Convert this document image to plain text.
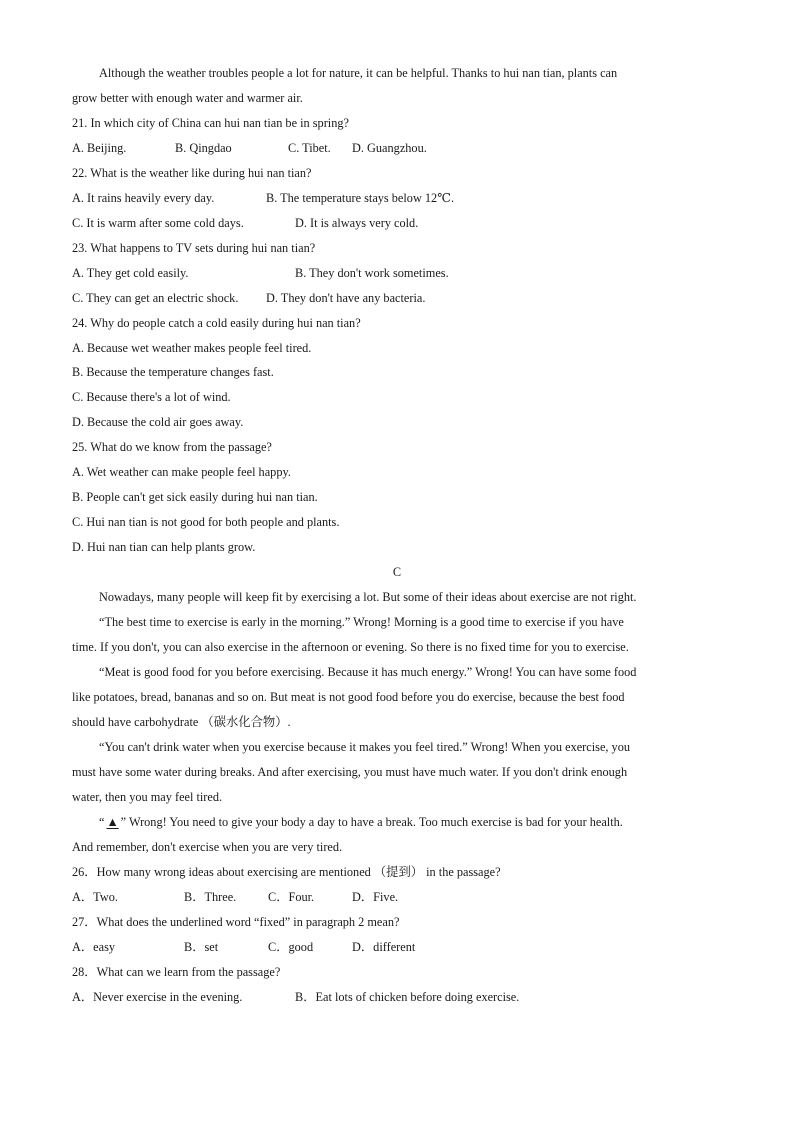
Although the weather troubles people a lot for nature, it can be helpful. Thanks to hui nan tian, plants can
grow better with enough water and warmer air.
21. In which city of China can hui nan tian be in spring?
A. Beijing.	B. Qingdao	C. Tibet. D. Guangzhou.
22. What is the weather like during hui nan tian?
A. It rains heavily every day.	B. The temperature stays below 12℃.
C. It is warm after some cold days.	D. It is always very cold.
23. What happens to TV sets during hui nan tian?
A. They get cold easily.	B. They don't work sometimes.
C. They can get an electric shock. D. They don't have any bacteria.
24. Why do people catch a cold easily during hui nan tian?
A. Because wet weather makes people feel tired.
B. Because the temperature changes fast.
C. Because there's a lot of wind.
D. Because the cold air goes away.
25. What do we know from the passage?
A. Wet weather can make people feel happy.
B. People can't get sick easily during hui nan tian.
C. Hui nan tian is not good for both people and plants.
D. Hui nan tian can help plants grow.
C
Nowadays, many people will keep fit by exercising a lot. But some of their ideas about exercise are not right.
“The best time to exercise is early in the morning.” Wrong! Morning is a good time to exercise if you have
time. If you don't, you can also exercise in the afternoon or evening. So there is no fixed time for you to exercise.
“Meat is good food for you before exercising. Because it has much energy.” Wrong! You can have some food
like potatoes, bread, bananas and so on. But meat is not good food before you do exercise, because the best food
should have carbohydrate （碳水化合物）.
“You can't drink water when you exercise because it makes you feel tired.” Wrong! When you exercise, you
must have some water during breaks. And after exercising, you must have much water. If you don't drink enough
water, then you may feel tired.
“ ▲ ” Wrong! You need to give your body a day to have a break. Too much exercise is bad for your health.
And remember, don't exercise when you are very tired.
26．How many wrong ideas about exercising are mentioned （提到） in the passage?
A．Two.	B．Three.	C．Four.	D．Five.
27．What does the underlined word “fixed” in paragraph 2 mean?
A．easy	B．set	C．good	D．different
28．What can we learn from the passage?
A．Never exercise in the evening.	B．Eat lots of chicken before doing exercise.
